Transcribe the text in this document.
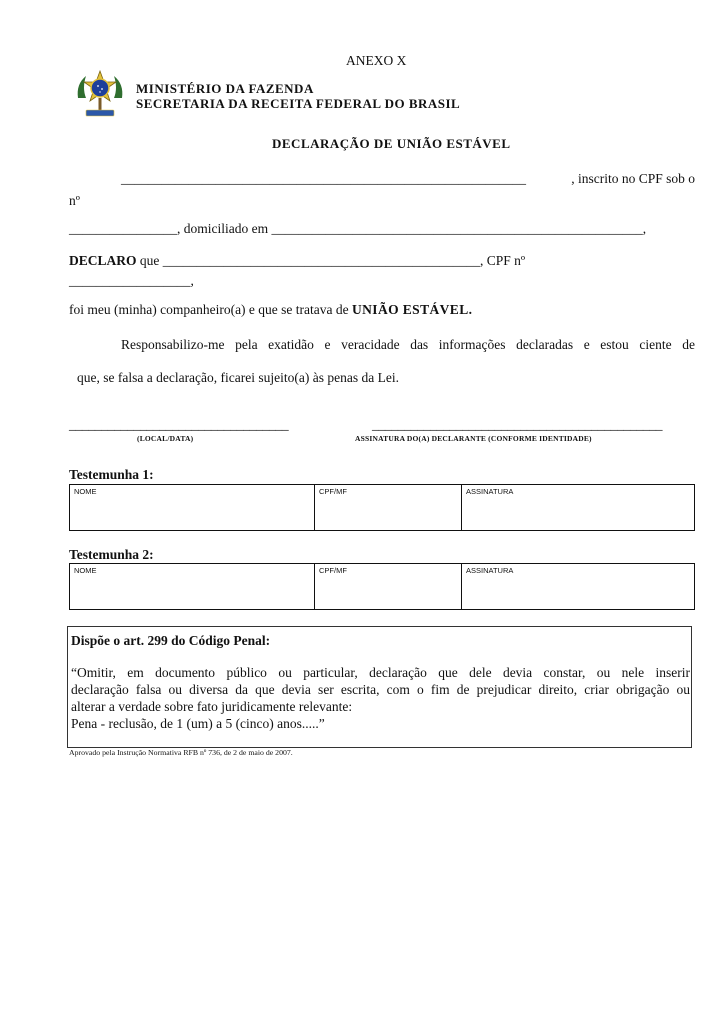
ANEXO X
MINISTÉRIO DA FAZENDA
SECRETARIA DA RECEITA FEDERAL DO BRASIL
DECLARAÇÃO DE UNIÃO ESTÁVEL
____________________________________________________________	, inscrito no CPF sob o
nº
________________, domiciliado em _______________________________________________________,
DECLARO que _______________________________________________, CPF nº
__________________,
foi meu (minha) companheiro(a) e que se tratava de UNIÃO ESTÁVEL.
Responsabilizo-me pela exatidão e veracidade das informações declaradas e estou ciente de
que, se falsa a declaração, ficarei sujeito(a) às penas da Lei.
__________________________________
(LOCAL/DATA)
_____________________________________________
ASSINATURA DO(A) DECLARANTE (CONFORME IDENTIDADE)
Testemunha 1:
NOME	CPF/MF	ASSINATURA
Testemunha 2:
NOME	CPF/MF	ASSINATURA

Dispõe o art. 299 do Código Penal:

“Omitir, em documento público ou particular, declaração que dele devia constar, ou nele inserir

declaração falsa ou diversa da que devia ser escrita, com o fim de prejudicar direito, criar obrigação ou

alterar a verdade sobre fato juridicamente relevante:

Pena - reclusão, de 1 (um) a 5 (cinco) anos.....”

Aprovado pela Instrução Normativa RFB nº 736, de 2 de maio de 2007.
